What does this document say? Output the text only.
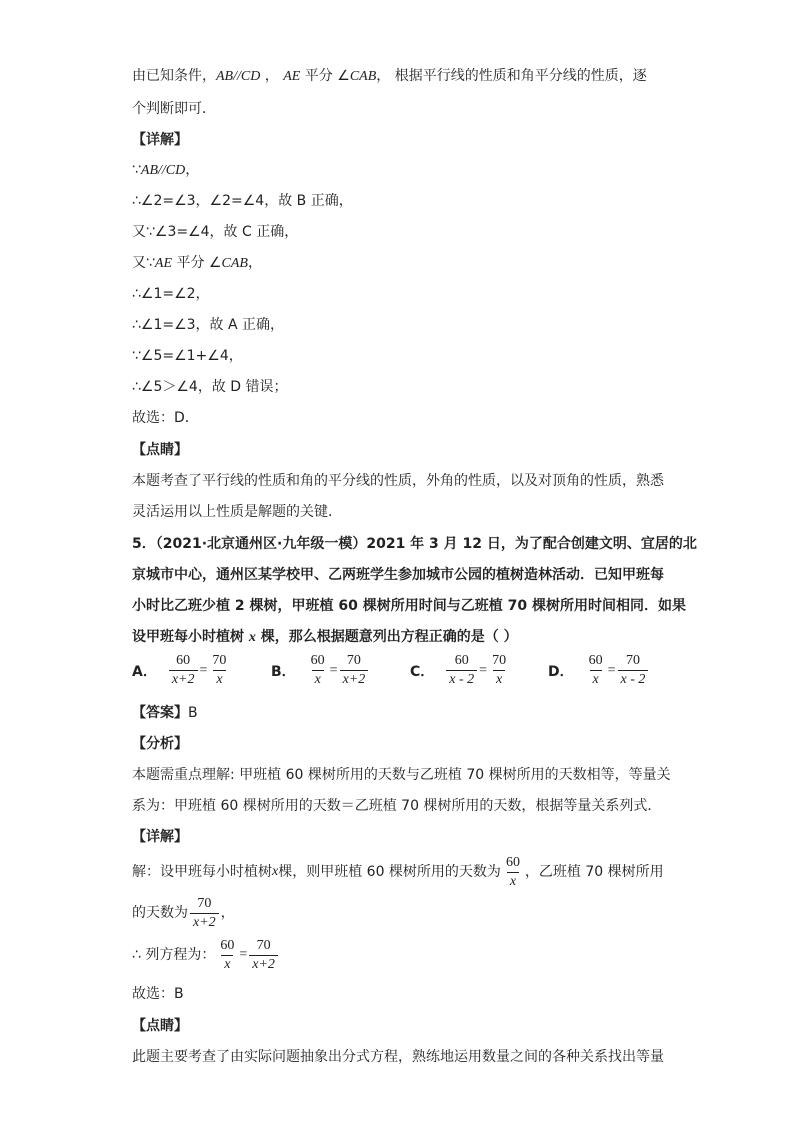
由已知条件，AB//CD ， AE 平分 ∠CAB， 根据平行线的性质和角平分线的性质，逐
个判断即可．
【详解】
∵AB//CD，
∴∠2=∠3，∠2=∠4，故 B 正确，
又∵∠3=∠4，故 C 正确，
又∵AE 平分 ∠CAB，
∴∠1=∠2，
∴∠1=∠3，故 A 正确，
∵∠5=∠1+∠4，
∴∠5＞∠4，故 D 错误；
故选：D．
【点睛】
本题考查了平行线的性质和角的平分线的性质，外角的性质，以及对顶角的性质，熟悉
灵活运用以上性质是解题的关键．
5．（2021·北京通州区·九年级一模）2021 年 3 月 12 日，为了配合创建文明、宜居的北
京城市中心，通州区某学校甲、乙两班学生参加城市公园的植树造林活动．已知甲班每
小时比乙班少植 2 棵树，甲班植 60 棵树所用时间与乙班植 70 棵树所用时间相同．如果
设甲班每小时植树 x 棵，那么根据题意列出方程正确的是（ ）
A． $\frac{60}{x+2} = \frac{70}{x}$	B． $\frac{60}{x} = \frac{70}{x+2}$	C． $\frac{60}{x - 2} = \frac{70}{x}$	D． $\frac{60}{x} = \frac{70}{x - 2}$
【答案】B
【分析】
本题需重点理解: 甲班植 60 棵树所用的天数与乙班植 70 棵树所用的天数相等，等量关
系为：甲班植 60 棵树所用的天数＝乙班植 70 棵树所用的天数，根据等量关系列式．
【详解】
解：设甲班每小时植树 x 棵，则甲班植 60 棵树所用的天数为 $\frac{60}{x}$ ，乙班植 70 棵树所用
的天数为 $\frac{70}{x+2}$ ，
∴ 列方程为： $\frac{60}{x} = \frac{70}{x+2}$
故选：B
【点睛】
此题主要考查了由实际问题抽象出分式方程，熟练地运用数量之间的各种关系找出等量
